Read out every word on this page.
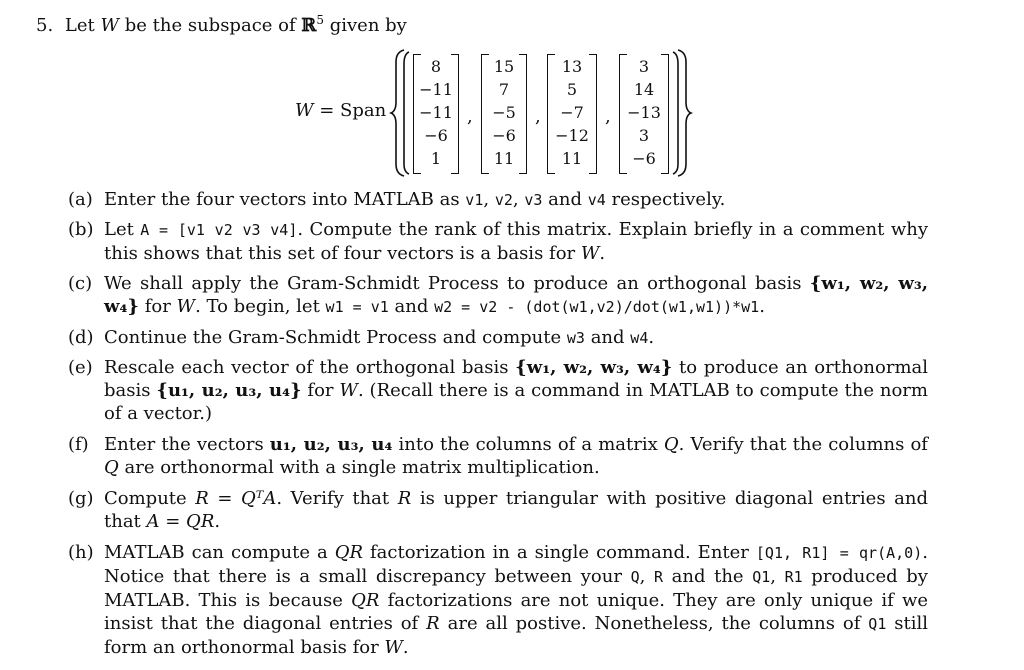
5. Let W be the subspace of ℝ$^5$ given by
W = Span
8
−11
−11
−6
1
,
15
7
−5
−6
11
,
13
5
−7
−12
11
,
3
14
−13
3
−6
(a) Enter the four vectors into MATLAB as v1, v2, v3 and v4 respectively.
(b) Let A = [v1 v2 v3 v4]. Compute the rank of this matrix. Explain briefly in a comment why this shows that this set of four vectors is a basis for W.
(c) We shall apply the Gram-Schmidt Process to produce an orthogonal basis {w₁, w₂, w₃, w₄} for W. To begin, let w1 = v1 and w2 = v2 - (dot(w1,v2)/dot(w1,w1))*w1.
(d) Continue the Gram-Schmidt Process and compute w3 and w4.
(e) Rescale each vector of the orthogonal basis {w₁, w₂, w₃, w₄} to produce an orthonormal basis {u₁, u₂, u₃, u₄} for W. (Recall there is a command in MATLAB to compute the norm of a vector.)
(f) Enter the vectors u₁, u₂, u₃, u₄ into the columns of a matrix Q. Verify that the columns of Q are orthonormal with a single matrix multiplication.
(g) Compute R = QᵀA. Verify that R is upper triangular with positive diagonal entries and that A = QR.
(h) MATLAB can compute a QR factorization in a single command. Enter [Q1, R1] = qr(A,0). Notice that there is a small discrepancy between your Q, R and the Q1, R1 produced by MATLAB. This is because QR factorizations are not unique. They are only unique if we insist that the diagonal entries of R are all postive. Nonetheless, the columns of Q1 still form an orthonormal basis for W.
